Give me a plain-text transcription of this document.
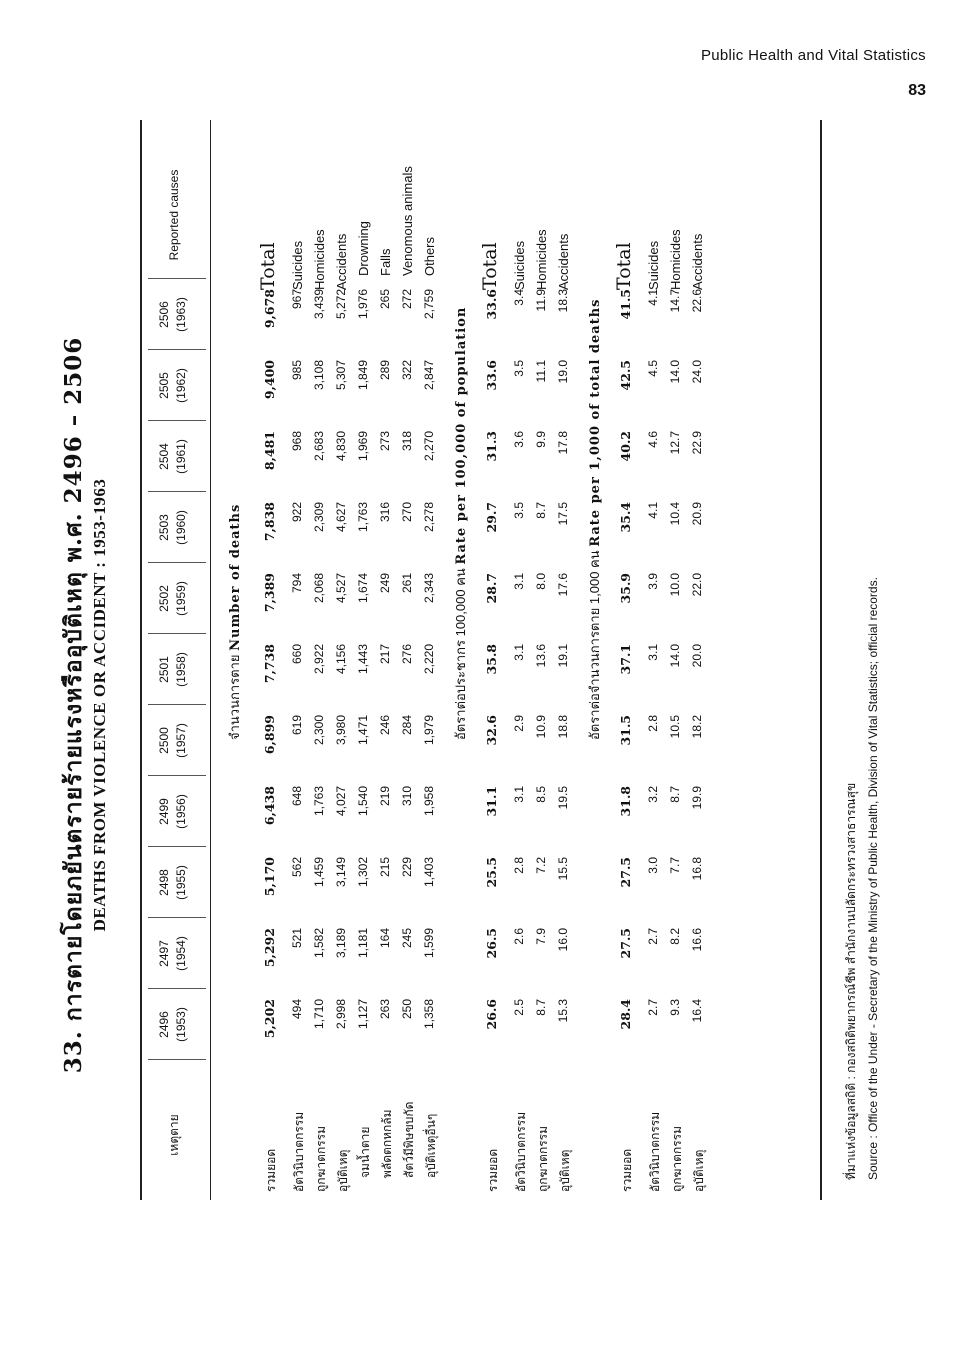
Public Health and Vital Statistics
83
33. การตายโดยภยันตรายร้ายแรงหรืออุบัติเหตุ พ.ศ. 2496 – 2506 DEATHS FROM VIOLENCE OR ACCIDENT : 1953-1963
ที่มาแห่งข้อมูลสถิติ : กองสถิติพยากรณ์ชีพ สำนักงานปลัดกระทรวงสาธารณสุข Source : Office of the Under - Secretary of the Ministry of Public Health, Division of Vital Statistics; official records.
เหตุตาย
Reported causes
2496 (1953)
2497 (1954)
2498 (1955)
2499 (1956)
2500 (1957)
2501 (1958)
2502 (1959)
2503 (1960)
2504 (1961)
2505 (1962)
2506 (1963)
จำนวนการตาย Number of deaths
รวมยอด
5,202
5,292
5,170
6,438
6,899
7,738
7,389
7,838
8,481
9,400
9,678
Total
อัตวินิบาตกรรม
494
521
562
648
619
660
794
922
968
985
967
Suicides
ถูกฆาตกรรม
1,710
1,582
1,459
1,763
2,300
2,922
2,068
2,309
2,683
3,108
3,439
Homicides
อุบัติเหตุ
2,998
3,189
3,149
4,027
3,980
4,156
4,527
4,627
4,830
5,307
5,272
Accidents
จมน้ำตาย
1,127
1,181
1,302
1,540
1,471
1,443
1,674
1,763
1,969
1,849
1,976
Drowning
พลัดตกหกล้ม
263
164
215
219
246
217
249
316
273
289
265
Falls
สัตว์มีพิษขบกัด
250
245
229
310
284
276
261
270
318
322
272
Venomous animals
อุบัติเหตุอื่นๆ
1,358
1,599
1,403
1,958
1,979
2,220
2,343
2,278
2,270
2,847
2,759
Others
อัตราต่อประชากร 100,000 คน Rate per 100,000 of population
รวมยอด
26.6
26.5
25.5
31.1
32.6
35.8
28.7
29.7
31.3
33.6
33.6
Total
อัตวินิบาตกรรม
2.5
2.6
2.8
3.1
2.9
3.1
3.1
3.5
3.6
3.5
3.4
Suicides
ถูกฆาตกรรม
8.7
7.9
7.2
8.5
10.9
13.6
8.0
8.7
9.9
11.1
11.9
Homicides
อุบัติเหตุ
15.3
16.0
15.5
19.5
18.8
19.1
17.6
17.5
17.8
19.0
18.3
Accidents
อัตราต่อจำนวนการตาย 1,000 คน Rate per 1,000 of total deaths
รวมยอด
28.4
27.5
27.5
31.8
31.5
37.1
35.9
35.4
40.2
42.5
41.5
Total
อัตวินิบาตกรรม
2.7
2.7
3.0
3.2
2.8
3.1
3.9
4.1
4.6
4.5
4.1
Suicides
ถูกฆาตกรรม
9.3
8.2
7.7
8.7
10.5
14.0
10.0
10.4
12.7
14.0
14.7
Homicides
อุบัติเหตุ
16.4
16.6
16.8
19.9
18.2
20.0
22.0
20.9
22.9
24.0
22.6
Accidents
